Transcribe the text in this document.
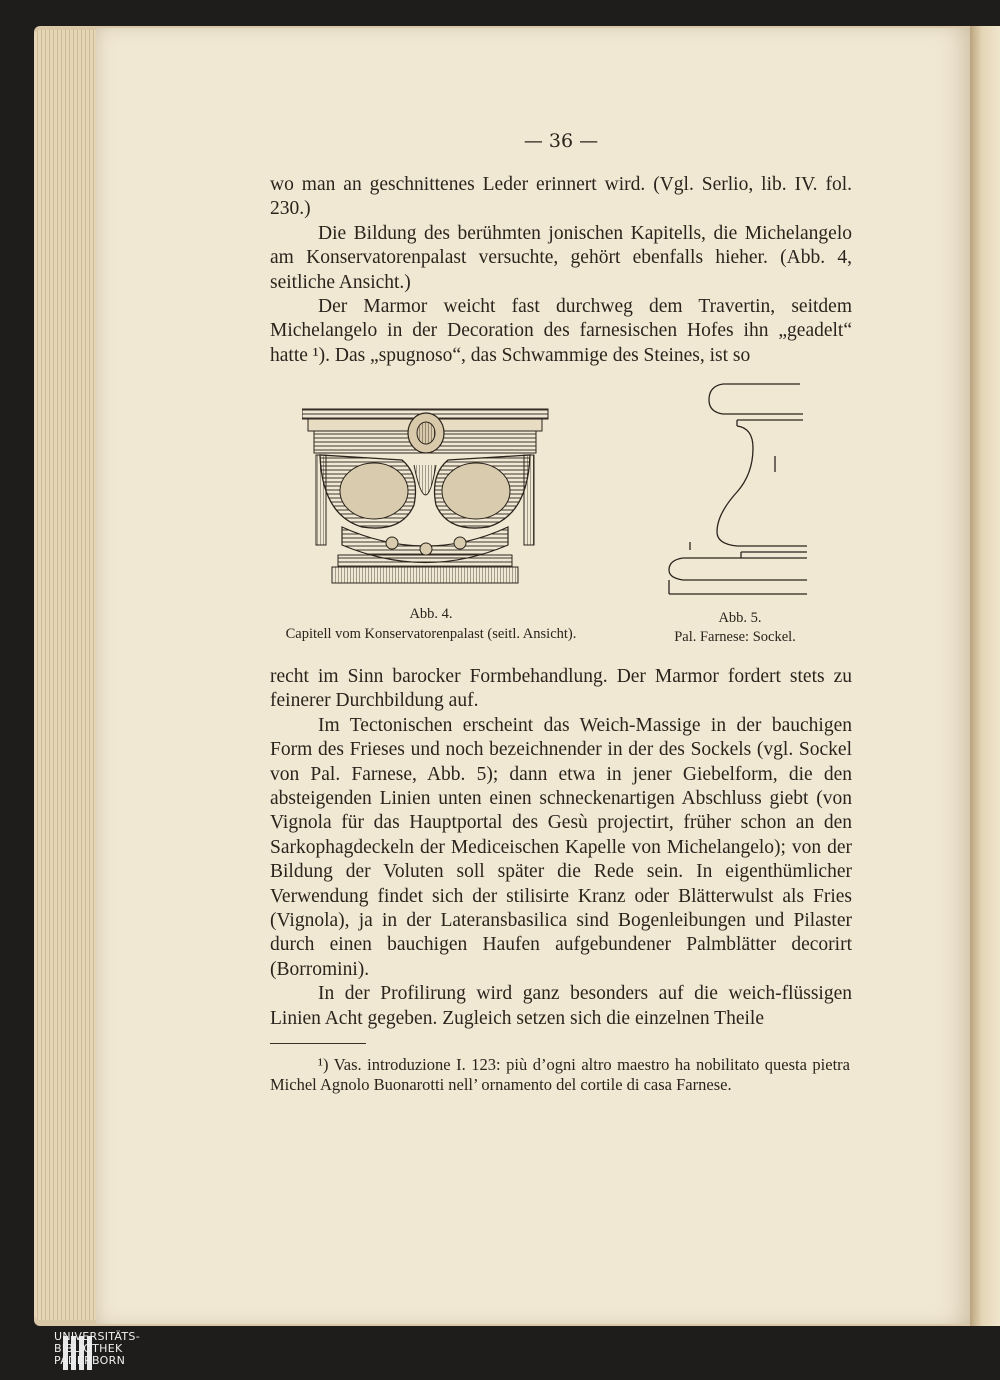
— 36 —

wo man an geschnittenes Leder erinnert wird. (Vgl. Serlio, lib. IV. fol. 230.)

Die Bildung des berühmten jonischen Kapitells, die Michelangelo am Konservatorenpalast versuchte, gehört ebenfalls hieher. (Abb. 4, seitliche Ansicht.)

Der Marmor weicht fast durchweg dem Travertin, seitdem Michelangelo in der Decoration des farnesischen Hofes ihn „geadelt“ hatte ¹). Das „spugnoso“, das Schwammige des Steines, ist so

Abb. 4.
Capitell vom Konservatorenpalast (seitl. Ansicht).
Abb. 5.
Pal. Farnese: Sockel.

recht im Sinn barocker Formbehandlung. Der Marmor fordert stets zu feinerer Durchbildung auf.

Im Tectonischen erscheint das Weich-Massige in der bauchigen Form des Frieses und noch bezeichnender in der des Sockels (vgl. Sockel von Pal. Farnese, Abb. 5); dann etwa in jener Giebelform, die den absteigenden Linien unten einen schneckenartigen Abschluss giebt (von Vignola für das Hauptportal des Gesù projectirt, früher schon an den Sarkophagdeckeln der Mediceischen Kapelle von Michelangelo); von der Bildung der Voluten soll später die Rede sein. In eigenthümlicher Verwendung findet sich der stilisirte Kranz oder Blätterwulst als Fries (Vignola), ja in der Lateransbasilica sind Bogenleibungen und Pilaster durch einen bauchigen Haufen aufgebundener Palmblätter decorirt (Borromini).

In der Profilirung wird ganz besonders auf die weich-flüssigen Linien Acht gegeben. Zugleich setzen sich die einzelnen Theile

¹) Vas. introduzione I. 123: più d’ogni altro maestro ha nobilitato questa pietra Michel Agnolo Buonarotti nell’ ornamento del cortile di casa Farnese.
UNIVERSITÄTS-
BIBLIOTHEK
PADERBORN
